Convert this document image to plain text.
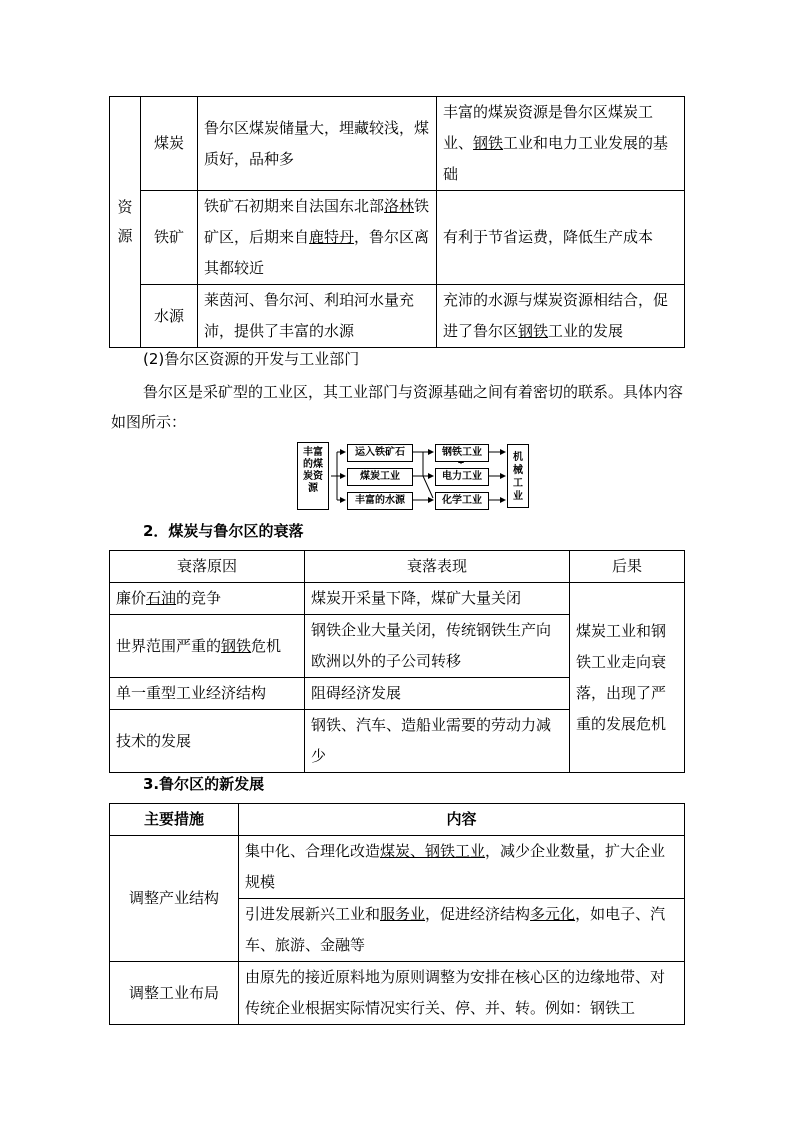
资源	煤炭	鲁尔区煤炭储量大，埋藏较浅，煤质好，品种多	丰富的煤炭资源是鲁尔区煤炭工业、钢铁工业和电力工业发展的基础
	铁矿	铁矿石初期来自法国东北部洛林铁矿区，后期来自鹿特丹，鲁尔区离其都较近	有利于节省运费，降低生产成本
	水源	莱茵河、鲁尔河、利珀河水量充沛，提供了丰富的水源	充沛的水源与煤炭资源相结合，促进了鲁尔区钢铁工业的发展
(2)鲁尔区资源的开发与工业部门
鲁尔区是采矿型的工业区，其工业部门与资源基础之间有着密切的联系。具体内容如图所示：
丰富的煤炭资源
运入铁矿石
煤炭工业
丰富的水源
钢铁工业
电力工业
化学工业
机械工业
2．煤炭与鲁尔区的衰落
衰落原因	衰落表现	后果
廉价石油的竞争	煤炭开采量下降，煤矿大量关闭	煤炭工业和钢铁工业走向衰落，出现了严重的发展危机
世界范围严重的钢铁危机	钢铁企业大量关闭，传统钢铁生产向欧洲以外的子公司转移	
单一重型工业经济结构	阻碍经济发展	
技术的发展	钢铁、汽车、造船业需要的劳动力减少	
3.鲁尔区的新发展
主要措施	内容
调整产业结构	集中化、合理化改造煤炭、钢铁工业，减少企业数量，扩大企业规模
	引进发展新兴工业和服务业，促进经济结构多元化，如电子、汽车、旅游、金融等
调整工业布局	由原先的接近原料地为原则调整为安排在核心区的边缘地带、对传统企业根据实际情况实行关、停、并、转。例如：钢铁工
